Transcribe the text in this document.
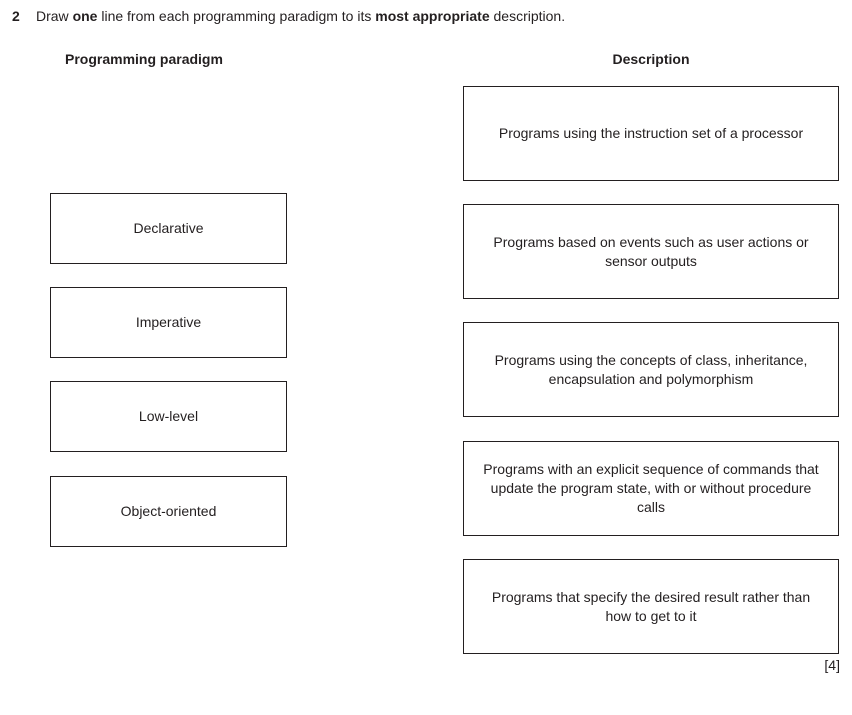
2 Draw one line from each programming paradigm to its most appropriate description.
Programming paradigm	Description
Declarative
Imperative
Low-level
Object-oriented
Programs using the instruction set of a processor
Programs based on events such as user actions or sensor outputs
Programs using the concepts of class, inheritance, encapsulation and polymorphism
Programs with an explicit sequence of commands that update the program state, with or without procedure calls
Programs that specify the desired result rather than how to get to it
[4]
